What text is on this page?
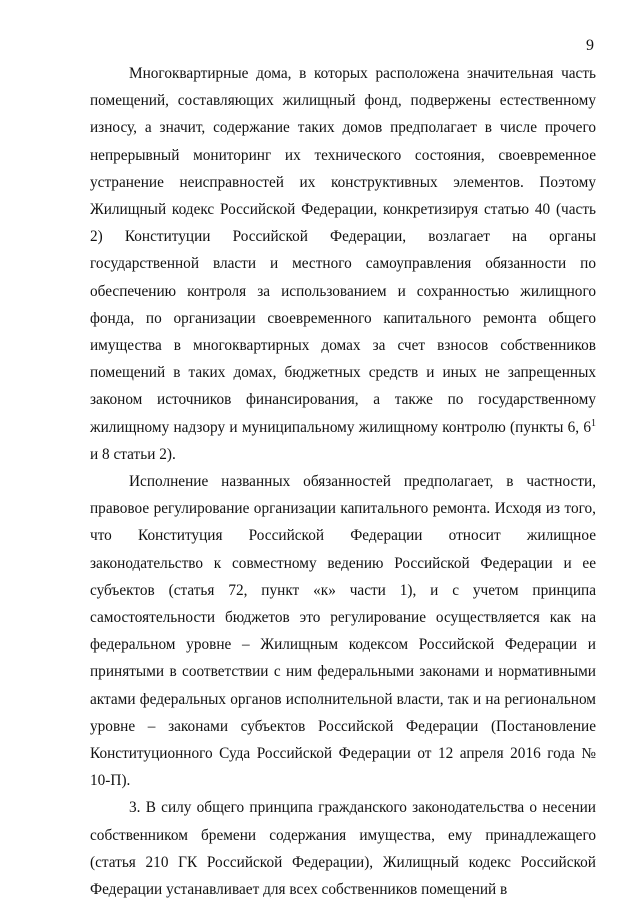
9

Многоквартирные дома, в которых расположена значительная часть помещений, составляющих жилищный фонд, подвержены естественному износу, а значит, содержание таких домов предполагает в числе прочего непрерывный мониторинг их технического состояния, своевременное устранение неисправностей их конструктивных элементов. Поэтому Жилищный кодекс Российской Федерации, конкретизируя статью 40 (часть 2) Конституции Российской Федерации, возлагает на органы государственной власти и местного самоуправления обязанности по обеспечению контроля за использованием и сохранностью жилищного фонда, по организации своевременного капитального ремонта общего имущества в многоквартирных домах за счет взносов собственников помещений в таких домах, бюджетных средств и иных не запрещенных законом источников финансирования, а также по государственному жилищному надзору и муниципальному жилищному контролю (пункты 6, $6^1$ и 8 статьи 2).

Исполнение названных обязанностей предполагает, в частности, правовое регулирование организации капитального ремонта. Исходя из того, что Конституция Российской Федерации относит жилищное законодательство к совместному ведению Российской Федерации и ее субъектов (статья 72, пункт «к» части 1), и с учетом принципа самостоятельности бюджетов это регулирование осуществляется как на федеральном уровне – Жилищным кодексом Российской Федерации и принятыми в соответствии с ним федеральными законами и нормативными актами федеральных органов исполнительной власти, так и на региональном уровне – законами субъектов Российской Федерации (Постановление Конституционного Суда Российской Федерации от 12 апреля 2016 года № 10-П).

3. В силу общего принципа гражданского законодательства о несении собственником бремени содержания имущества, ему принадлежащего (статья 210 ГК Российской Федерации), Жилищный кодекс Российской Федерации устанавливает для всех собственников помещений в
